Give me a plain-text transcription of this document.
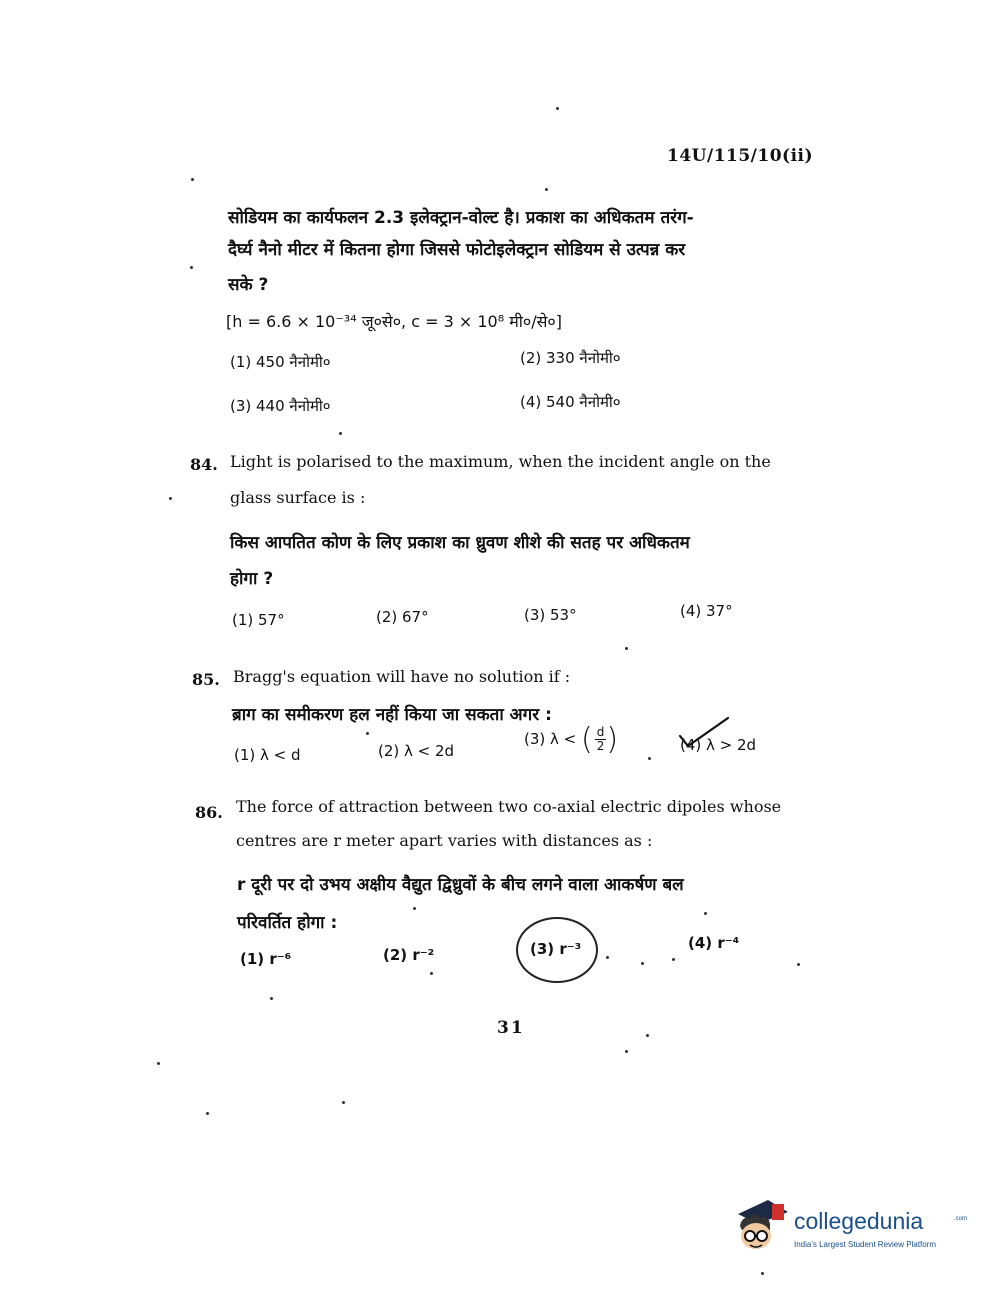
14U/115/10(ii)
सोडियम का कार्यफलन 2.3 इलेक्ट्रान-वोल्ट है। प्रकाश का अधिकतम तरंग-
दैर्घ्य नैनो मीटर में कितना होगा जिससे फोटोइलेक्ट्रान सोडियम से उत्पन्न कर
सके ?
[h = 6.6 × 10⁻³⁴ जू०से०, c = 3 × 10⁸ मी०/से०]
(1) 450 नैनोमी०	(2) 330 नैनोमी०
(3) 440 नैनोमी०	(4) 540 नैनोमी०
84. Light is polarised to the maximum, when the incident angle on the
glass surface is :
किस आपतित कोण के लिए प्रकाश का ध्रुवण शीशे की सतह पर अधिकतम
होगा ?
(1) 57°	(2) 67°	(3) 53°	(4) 37°
85. Bragg's equation will have no solution if :
ब्राग का समीकरण हल नहीं किया जा सकता अगर :
(1) λ < d	(2) λ < 2d
(3) λ < ( $\frac{d}{2}$ )	(4) λ > 2d
86. The force of attraction between two co-axial electric dipoles whose
centres are r meter apart varies with distances as :
r दूरी पर दो उभय अक्षीय वैद्युत द्विध्रुवों के बीच लगने वाला आकर्षण बल
परिवर्तित होगा :
(1) r⁻⁶	(2) r⁻²	(3) r⁻³	(4) r⁻⁴
31
collegedunia	.com
India's Largest Student Review Platform
